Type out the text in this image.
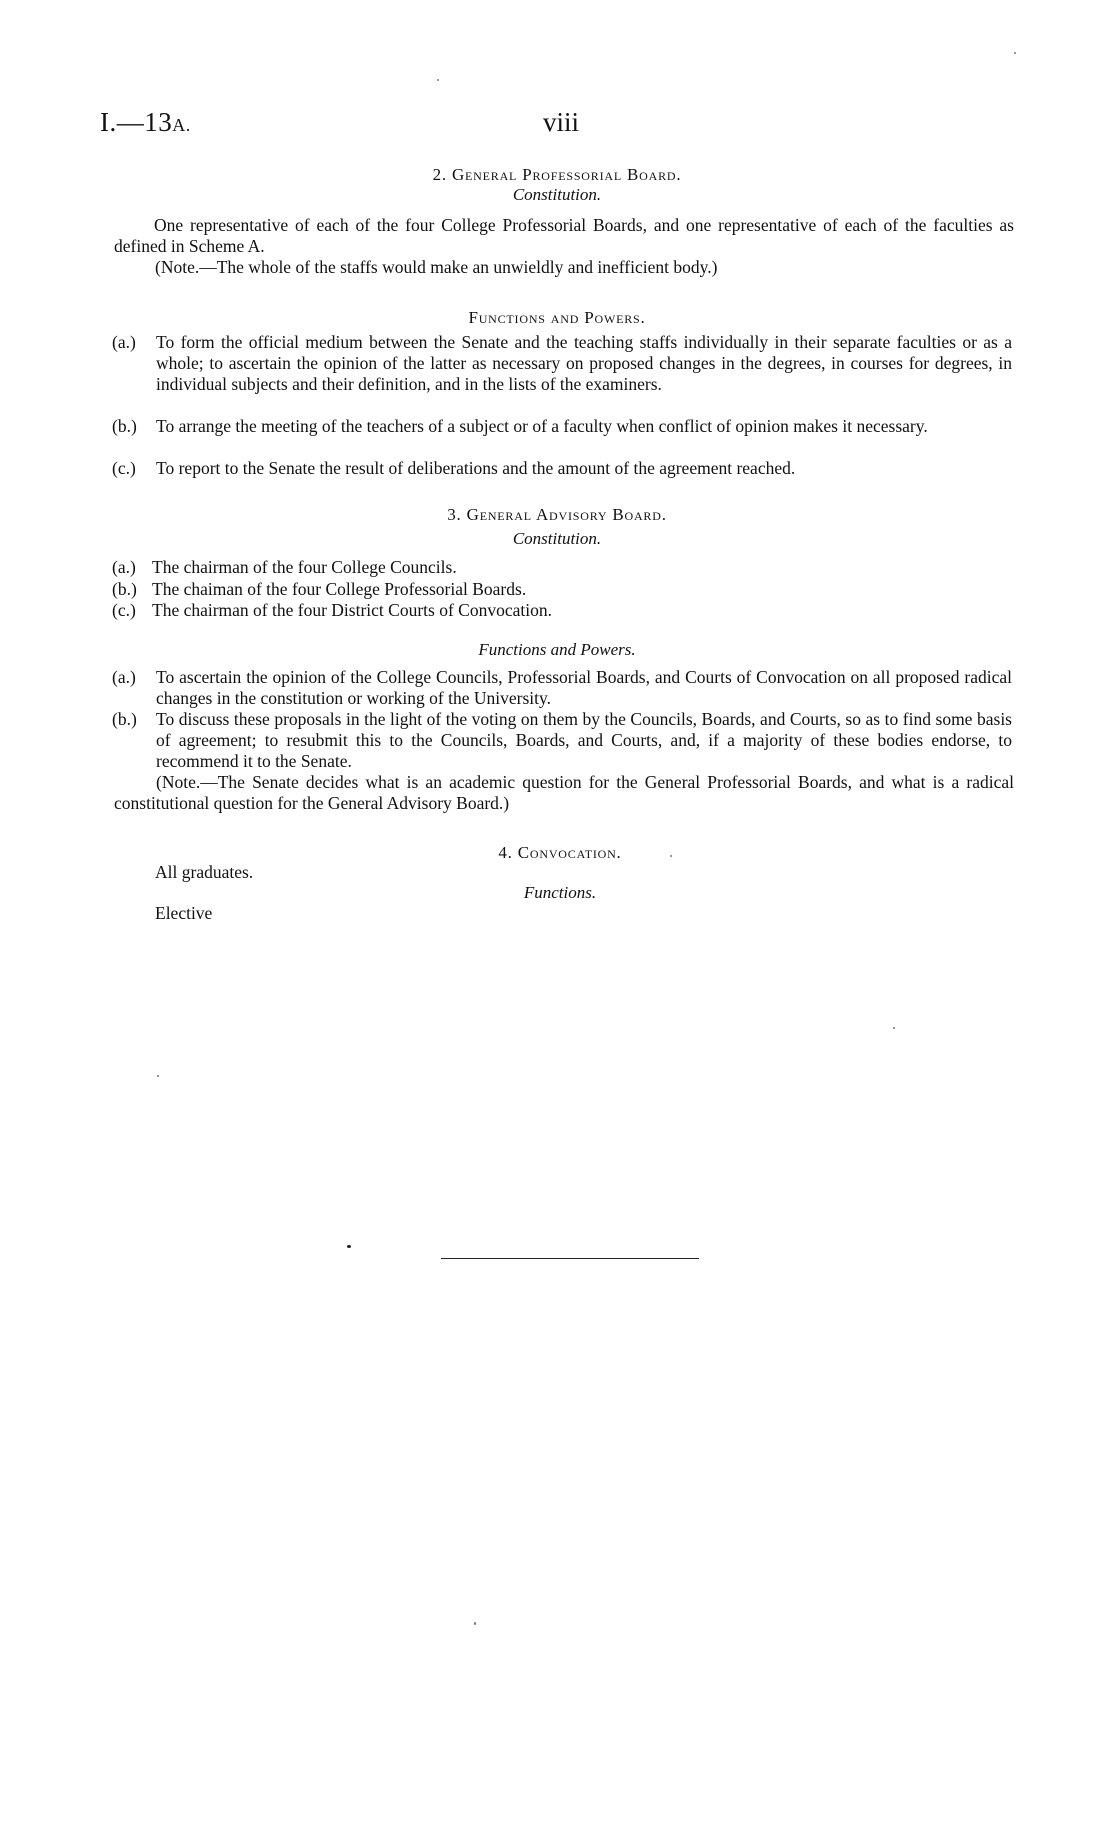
I.—13A.	viii
2. General Professorial Board.
Constitution.
One representative of each of the four College Professorial Boards, and one representative of each of the faculties as defined in Scheme A.
(Note.—The whole of the staffs would make an unwieldly and inefficient body.)
Functions and Powers.
(a.)	To form the official medium between the Senate and the teaching staffs individually in their separate faculties or as a whole; to ascertain the opinion of the latter as necessary on proposed changes in the degrees, in courses for degrees, in individual subjects and their definition, and in the lists of the examiners.
(b.)	To arrange the meeting of the teachers of a subject or of a faculty when conflict of opinion makes it necessary.
(c.)	To report to the Senate the result of deliberations and the amount of the agreement reached.
3. General Advisory Board.
Constitution.
(a.) The chairman of the four College Councils.
(b.) The chaiman of the four College Professorial Boards.
(c.) The chairman of the four District Courts of Convocation.
Functions and Powers.
(a.)	To ascertain the opinion of the College Councils, Professorial Boards, and Courts of Convocation on all proposed radical changes in the constitution or working of the University.
(b.)	To discuss these proposals in the light of the voting on them by the Councils, Boards, and Courts, so as to find some basis of agreement; to resubmit this to the Councils, Boards, and Courts, and, if a majority of these bodies endorse, to recommend it to the Senate.
(Note.—The Senate decides what is an academic question for the General Professorial Boards, and what is a radical constitutional question for the General Advisory Board.)
4. Convocation.
All graduates.
Functions.
Elective
